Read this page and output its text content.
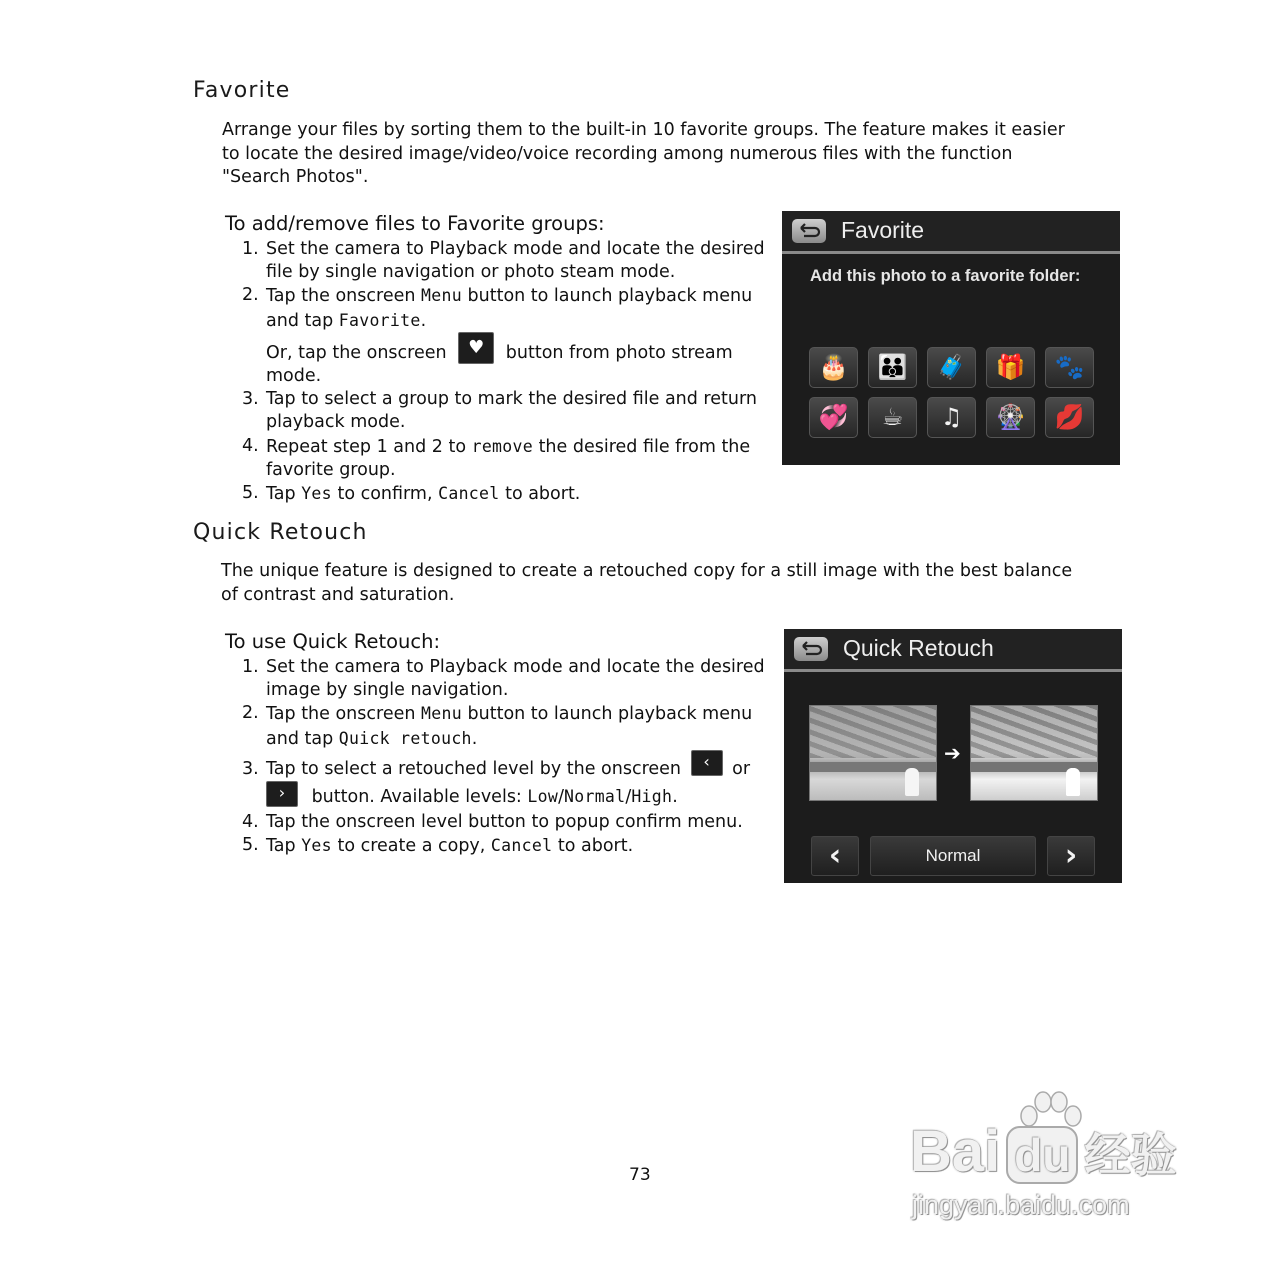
Favorite
Arrange your files by sorting them to the built-in 10 favorite groups. The feature makes it easier to locate the desired image/video/voice recording among numerous files with the function "Search Photos".
To add/remove files to Favorite groups:
1. Set the camera to Playback mode and locate the desired file by single navigation or photo steam mode.
2. Tap the onscreen Menu button to launch playback menu and tap Favorite.
Or, tap the onscreen ♥ button from photo stream mode.
3. Tap to select a group to mark the desired file and return playback mode.
4. Repeat step 1 and 2 to remove the desired file from the favorite group.
5. Tap Yes to confirm, Cancel to abort.
Favorite
Add this photo to a favorite folder:
🎂	👪	🧳	🎁	🐾
💞	☕	♫	🎡	💋
Quick Retouch
The unique feature is designed to create a retouched copy for a still image with the best balance of contrast and saturation.
To use Quick Retouch:
1. Set the camera to Playback mode and locate the desired image by single navigation.
2. Tap the onscreen Menu button to launch playback menu and tap Quick retouch.
3. Tap to select a retouched level by the onscreen ‹ or
› button. Available levels: Low/Normal/High.
4. Tap the onscreen level button to popup confirm menu.
5. Tap Yes to create a copy, Cancel to abort.
Quick Retouch
➔
‹	Normal	›
73	Bai du 经验
jingyan.baidu.com
